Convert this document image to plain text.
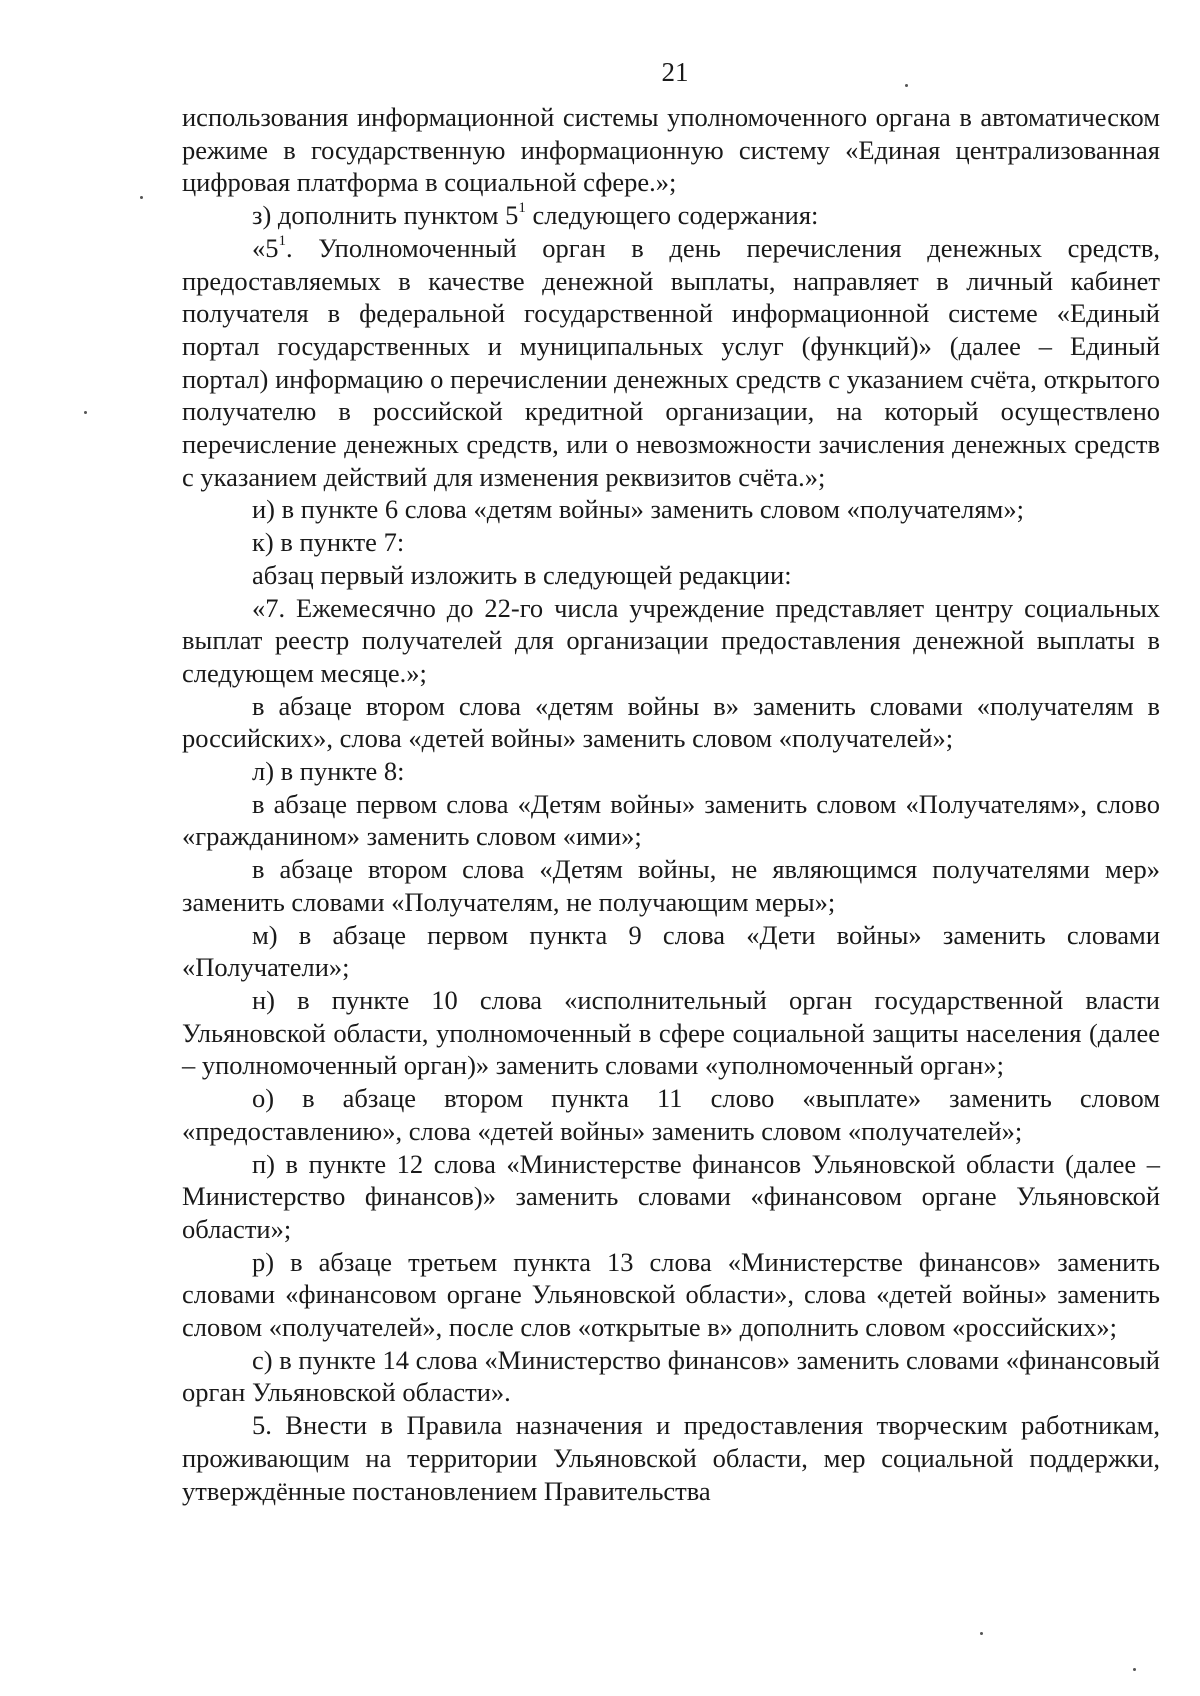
21

использования информационной системы уполномоченного органа в автоматическом режиме в государственную информационную систему «Единая централизованная цифровая платформа в социальной сфере.»;

з) дополнить пунктом $5^1$ следующего содержания:

«$5^1$. Уполномоченный орган в день перечисления денежных средств, предоставляемых в качестве денежной выплаты, направляет в личный кабинет получателя в федеральной государственной информационной системе «Единый портал государственных и муниципальных услуг (функций)» (далее – Единый портал) информацию о перечислении денежных средств с указанием счёта, открытого получателю в российской кредитной организации, на который осуществлено перечисление денежных средств, или о невозможности зачисления денежных средств с указанием действий для изменения реквизитов счёта.»;

и) в пункте 6 слова «детям войны» заменить словом «получателям»;

к) в пункте 7:

абзац первый изложить в следующей редакции:

«7. Ежемесячно до 22-го числа учреждение представляет центру социальных выплат реестр получателей для организации предоставления денежной выплаты в следующем месяце.»;

в абзаце втором слова «детям войны в» заменить словами «получателям в российских», слова «детей войны» заменить словом «получателей»;

л) в пункте 8:

в абзаце первом слова «Детям войны» заменить словом «Получателям», слово «гражданином» заменить словом «ими»;

в абзаце втором слова «Детям войны, не являющимся получателями мер» заменить словами «Получателям, не получающим меры»;

м) в абзаце первом пункта 9 слова «Дети войны» заменить словами «Получатели»;

н) в пункте 10 слова «исполнительный орган государственной власти Ульяновской области, уполномоченный в сфере социальной защиты населения (далее – уполномоченный орган)» заменить словами «уполномоченный орган»;

о) в абзаце втором пункта 11 слово «выплате» заменить словом «предоставлению», слова «детей войны» заменить словом «получателей»;

п) в пункте 12 слова «Министерстве финансов Ульяновской области (далее – Министерство финансов)» заменить словами «финансовом органе Ульяновской области»;

р) в абзаце третьем пункта 13 слова «Министерстве финансов» заменить словами «финансовом органе Ульяновской области», слова «детей войны» заменить словом «получателей», после слов «открытые в» дополнить словом «российских»;

с) в пункте 14 слова «Министерство финансов» заменить словами «финансовый орган Ульяновской области».

5. Внести в Правила назначения и предоставления творческим работникам, проживающим на территории Ульяновской области, мер социальной поддержки, утверждённые постановлением Правительства
